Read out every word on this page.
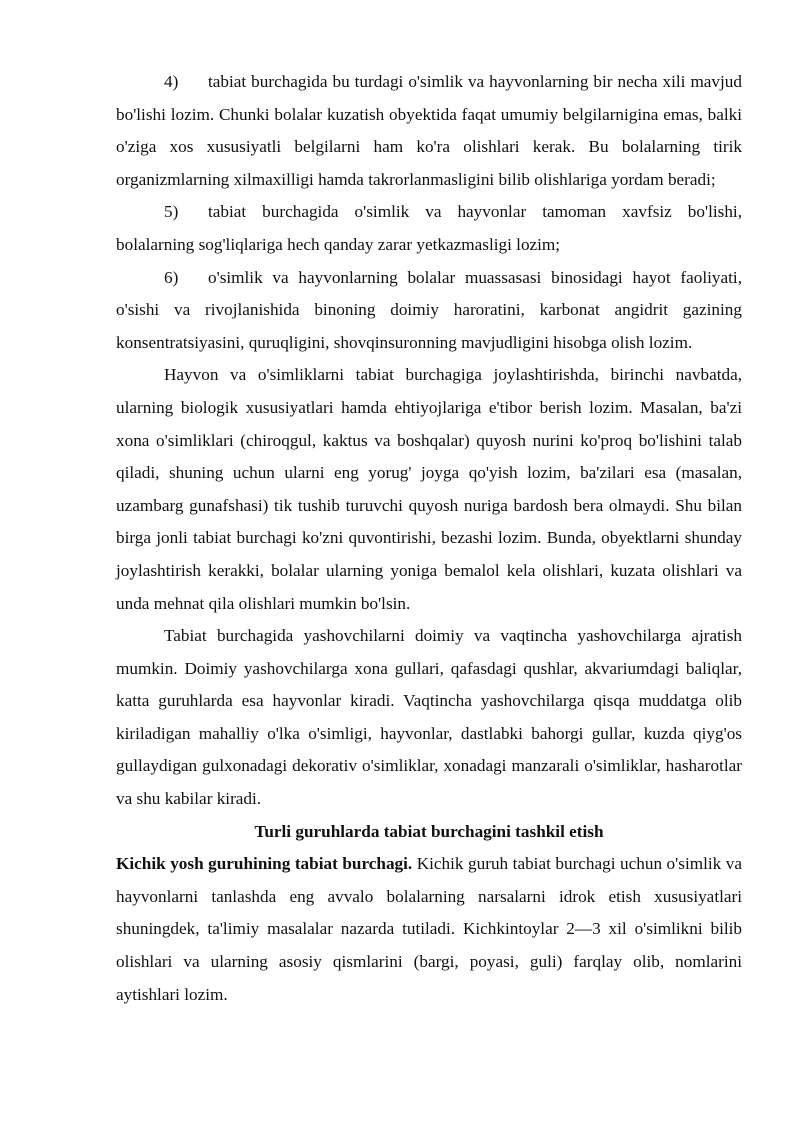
4) tabiat burchagida bu turdagi o'simlik va hayvonlarning bir necha xili mavjud bo'lishi lozim. Chunki bolalar kuzatish obyektida faqat umumiy belgilarnigina emas, balki o'ziga xos xususiyatli belgilarni ham ko'ra olishlari kerak. Bu bolalarning tirik organizmlarning xilmaxilligi hamda takrorlanmasligini bilib olishlariga yordam beradi;

5) tabiat burchagida o'simlik va hayvonlar tamoman xavfsiz bo'lishi, bolalarning sog'liqlariga hech qanday zarar yetkazmasligi lozim;

6) o'simlik va hayvonlarning bolalar muassasasi binosidagi hayot faoliyati, o'sishi va rivojlanishida binoning doimiy haroratini, karbonat angidrit gazining konsentratsiyasini, quruqligini, shovqinsuronning mavjudligini hisobga olish lozim.

Hayvon va o'simliklarni tabiat burchagiga joylashtirishda, birinchi navbatda, ularning biologik xususiyatlari hamda ehtiyojlariga e'tibor berish lozim. Masalan, ba'zi xona o'simliklari (chiroqgul, kaktus va boshqalar) quyosh nurini ko'proq bo'lishini talab qiladi, shuning uchun ularni eng yorug' joyga qo'yish lozim, ba'zilari esa (masalan, uzambarg gunafshasi) tik tushib turuvchi quyosh nuriga bardosh bera olmaydi. Shu bilan birga jonli tabiat burchagi ko'zni quvontirishi, bezashi lozim. Bunda, obyektlarni shunday joylashtirish kerakki, bolalar ularning yoniga bemalol kela olishlari, kuzata olishlari va unda mehnat qila olishlari mumkin bo'lsin.

Tabiat burchagida yashovchilarni doimiy va vaqtincha yashovchilarga ajratish mumkin. Doimiy yashovchilarga xona gullari, qafasdagi qushlar, akvariumdagi baliqlar, katta guruhlarda esa hayvonlar kiradi. Vaqtincha yashovchilarga qisqa muddatga olib kiriladigan mahalliy o'lka o'simligi, hayvonlar, dastlabki bahorgi gullar, kuzda qiyg'os gullaydigan gulxonadagi dekorativ o'simliklar, xonadagi manzarali o'simliklar, hasharotlar va shu kabilar kiradi.

Turli guruhlarda tabiat burchagini tashkil etish

Kichik yosh guruhining tabiat burchagi. Kichik guruh tabiat burchagi uchun o'simlik va hayvonlarni tanlashda eng avvalo bolalarning narsalarni idrok etish xususiyatlari shuningdek, ta'limiy masalalar nazarda tutiladi. Kichkintoylar 2—3 xil o'simlikni bilib olishlari va ularning asosiy qismlarini (bargi, poyasi, guli) farqlay olib, nomlarini aytishlari lozim.
